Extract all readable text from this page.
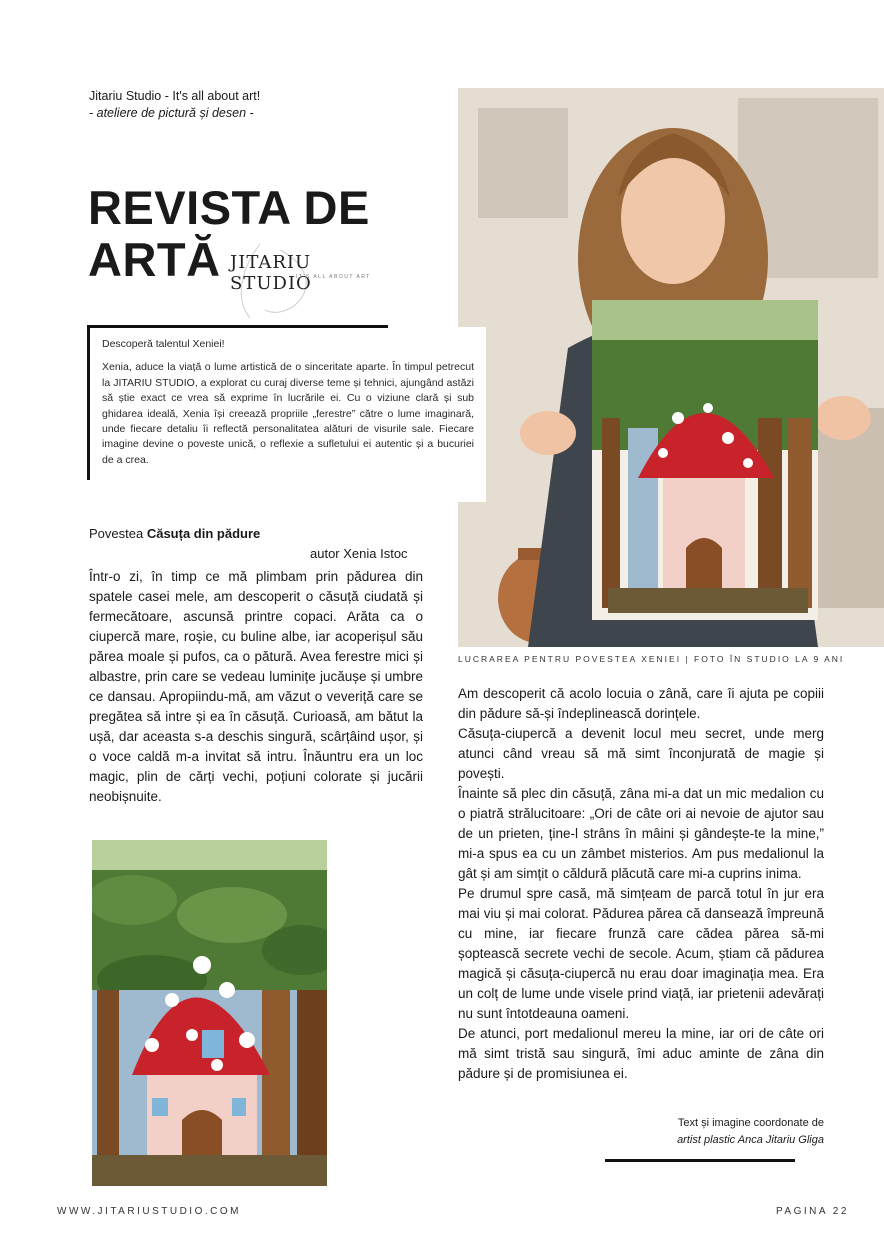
Jitariu Studio - It's all about art!
- ateliere de pictură și desen -
REVISTA DE
ARTĂ JITARIU STUDIO
IT'S ALL ABOUT ART

Descoperă talentul Xeniei!

Xenia, aduce la viață o lume artistică de o sinceritate aparte. În timpul petrecut la JITARIU STUDIO, a explorat cu curaj diverse teme și tehnici, ajungând astăzi să știe exact ce vrea să exprime în lucrările ei. Cu o viziune clară și sub ghidarea ideală, Xenia își creează propriile „ferestre” către o lume imaginară, unde fiecare detaliu îi reflectă personalitatea alături de visurile sale. Fiecare imagine devine o poveste unică, o reflexie a sufletului ei autentic și a bucuriei de a crea.

LUCRAREA PENTRU POVESTEA XENIEI | FOTO ÎN STUDIO LA 9 ANI
Povestea Căsuța din pădure
autor Xenia Istoc

Într-o zi, în timp ce mă plimbam prin pădurea din spatele casei mele, am descoperit o căsuță ciudată și fermecătoare, ascunsă printre copaci. Arăta ca o ciupercă mare, roșie, cu buline albe, iar acoperișul său părea moale și pufos, ca o pătură. Avea ferestre mici și albastre, prin care se vedeau luminițe jucăușe și umbre ce dansau. Apropiindu-mă, am văzut o veveriță care se pregătea să intre și ea în căsuță. Curioasă, am bătut la ușă, dar aceasta s-a deschis singură, scârțâind ușor, și o voce caldă m-a invitat să intru. Înăuntru era un loc magic, plin de cărți vechi, poțiuni colorate și jucării neobișnuite.

Am descoperit că acolo locuia o zână, care îi ajuta pe copiii din pădure să-și îndeplinească dorințele.

Căsuța-ciupercă a devenit locul meu secret, unde merg atunci când vreau să mă simt înconjurată de magie și povești.

Înainte să plec din căsuță, zâna mi-a dat un mic medalion cu o piatră strălucitoare: „Ori de câte ori ai nevoie de ajutor sau de un prieten, ține-l strâns în mâini și gândește-te la mine,” mi-a spus ea cu un zâmbet misterios. Am pus medalionul la gât și am simțit o căldură plăcută care mi-a cuprins inima.

Pe drumul spre casă, mă simțeam de parcă totul în jur era mai viu și mai colorat. Pădurea părea că dansează împreună cu mine, iar fiecare frunză care cădea părea să-mi șoptească secrete vechi de secole. Acum, știam că pădurea magică și căsuța-ciupercă nu erau doar imaginația mea. Era un colț de lume unde visele prind viață, iar prietenii adevărați nu sunt întotdeauna oameni.

De atunci, port medalionul mereu la mine, iar ori de câte ori mă simt tristă sau singură, îmi aduc aminte de zâna din pădure și de promisiunea ei.

Text și imagine coordonate de
artist plastic Anca Jitariu Gliga
WWW.JITARIUSTUDIO.COM	PAGINA 22
